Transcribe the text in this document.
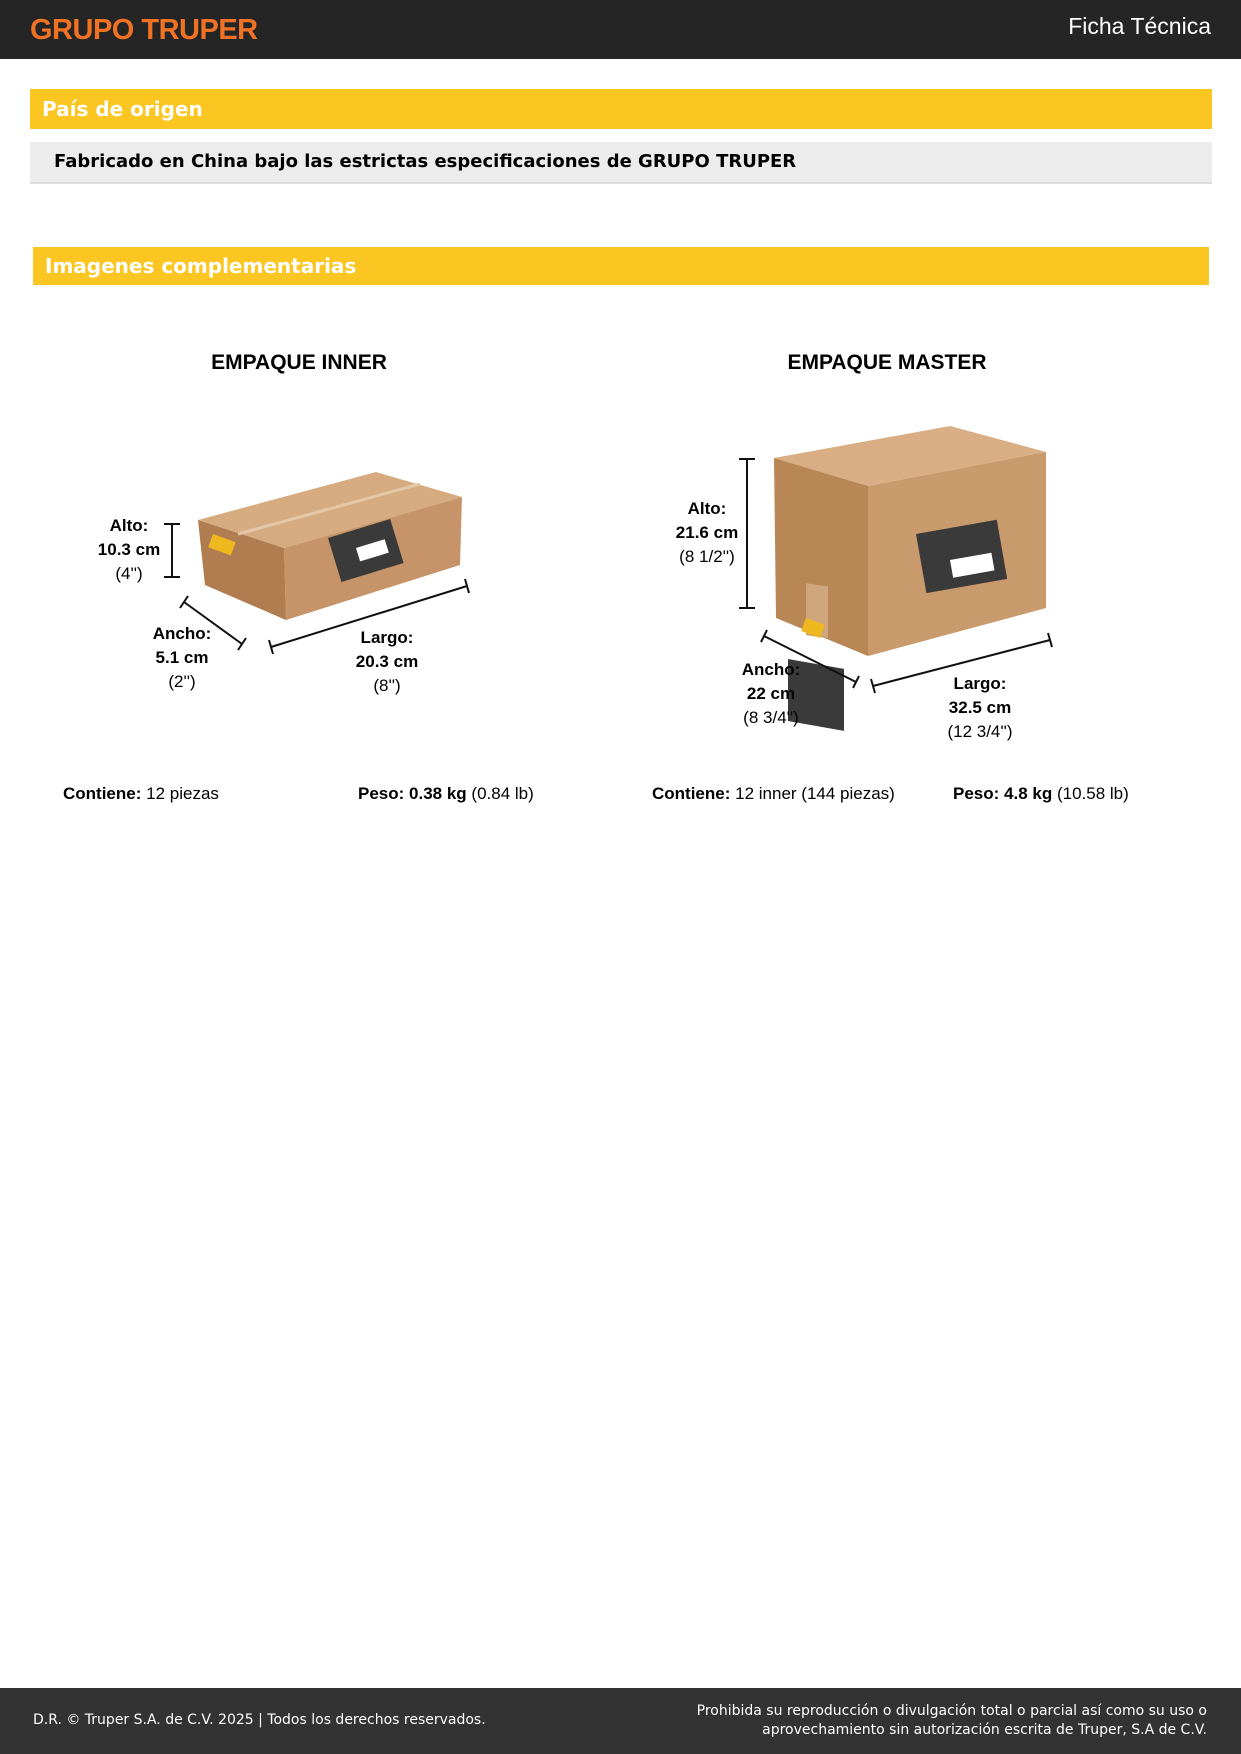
GRUPO TRUPER	Ficha Técnica
País de origen
Fabricado en China bajo las estrictas especificaciones de GRUPO TRUPER
Imagenes complementarias
EMPAQUE INNER
Alto:
10.3 cm
(4'')
Ancho:
5.1 cm
(2'')
Largo:
20.3 cm
(8'')
Contiene: 12 piezas	Peso: 0.38 kg (0.84 lb)
EMPAQUE MASTER
Alto:
21.6 cm
(8 1/2'')
Ancho:
22 cm
(8 3/4'')
Largo:
32.5 cm
(12 3/4'')
Contiene: 12 inner (144 piezas)	Peso: 4.8 kg (10.58 lb)
D.R. © Truper S.A. de C.V. 2025 | Todos los derechos reservados.
Prohibida su reproducción o divulgación total o parcial así como su uso o
aprovechamiento sin autorización escrita de Truper, S.A de C.V.
